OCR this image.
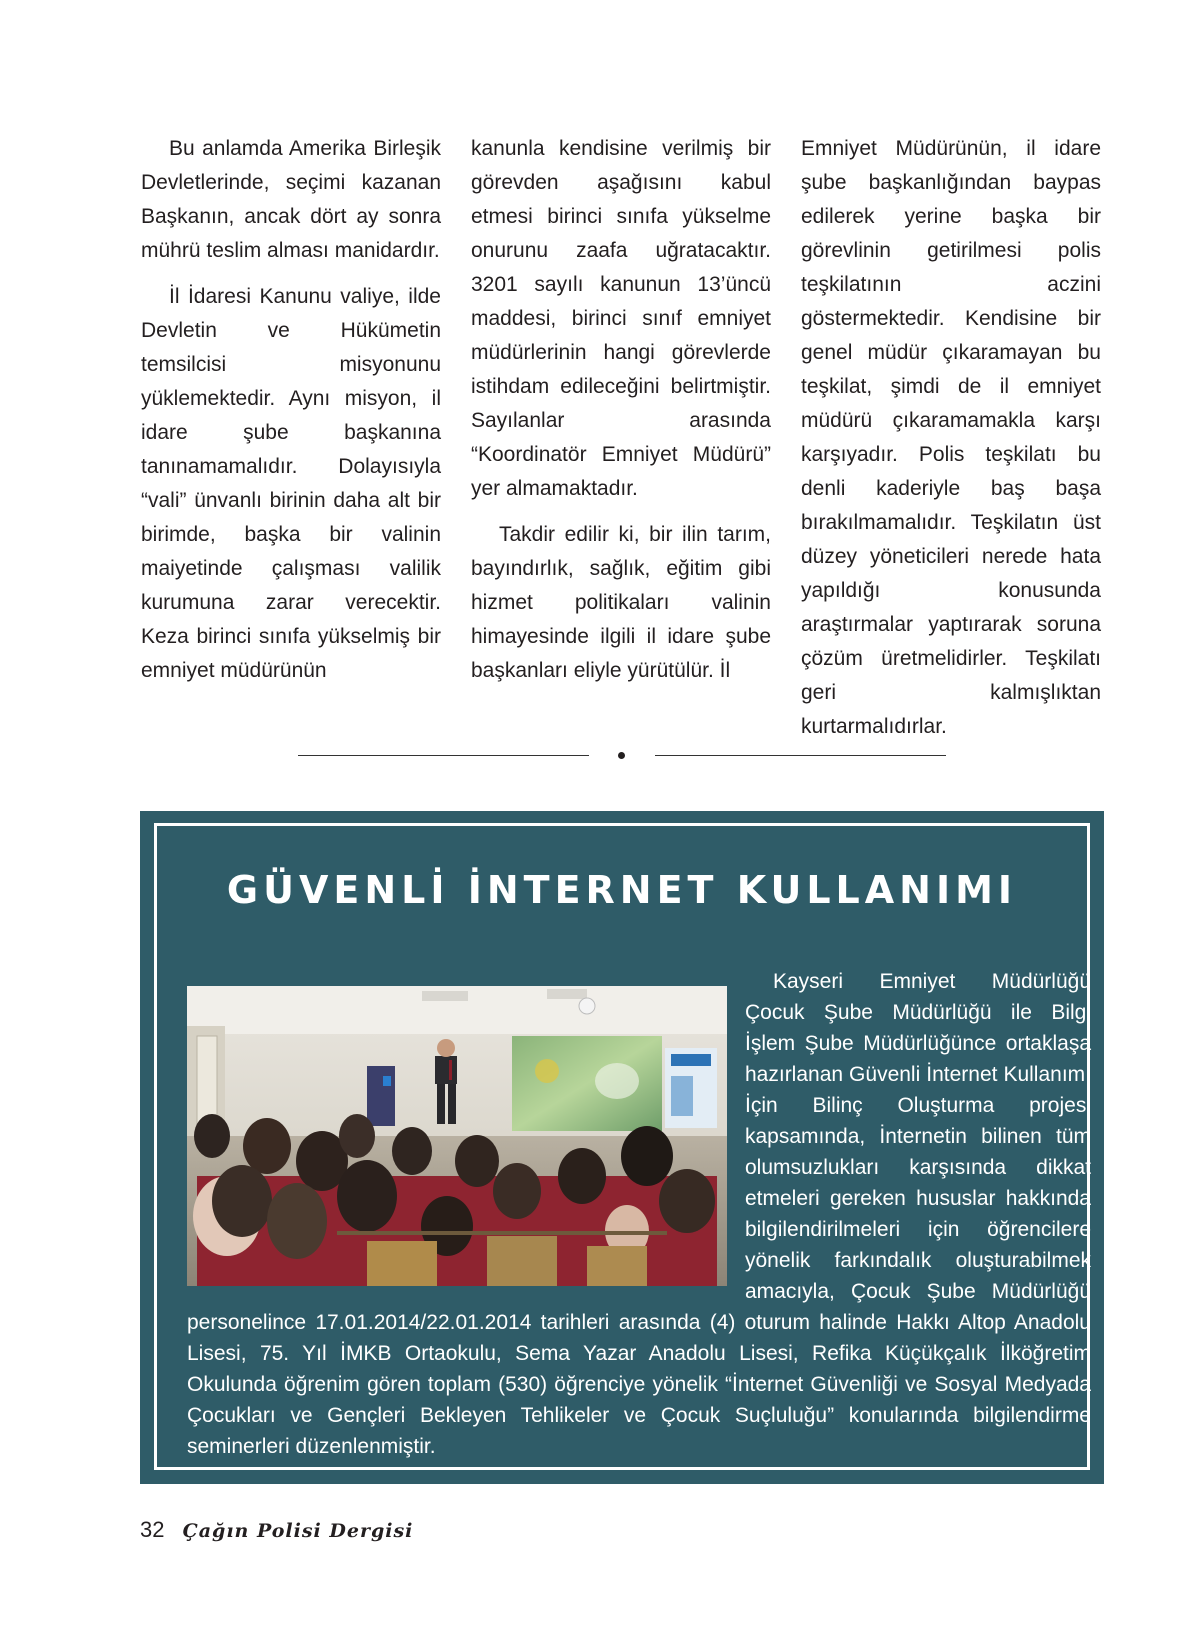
Bu anlamda Amerika Birleşik Devletlerinde, seçimi kazanan Başkanın, ancak dört ay sonra mührü teslim alması manidardır.

İl İdaresi Kanunu valiye, ilde Devletin ve Hükümetin temsilcisi misyonunu yüklemektedir. Aynı misyon, il idare şube başkanına tanınamamalıdır. Dolayısıyla “vali” ünvanlı birinin daha alt bir birimde, başka bir valinin maiyetinde çalışması valilik kurumuna zarar verecektir. Keza birinci sınıfa yükselmiş bir emniyet müdürünün

kanunla kendisine verilmiş bir görevden aşağısını kabul etmesi birinci sınıfa yükselme onurunu zaafa uğratacaktır. 3201 sayılı kanunun 13’üncü maddesi, birinci sınıf emniyet müdürlerinin hangi görevlerde istihdam edileceğini belirtmiştir. Sayılanlar arasında “Koordinatör Emniyet Müdürü” yer almamaktadır.

Takdir edilir ki, bir ilin tarım, bayındırlık, sağlık, eğitim gibi hizmet politikaları valinin himayesinde ilgili il idare şube başkanları eliyle yürütülür. İl

Emniyet Müdürünün, il idare şube başkanlığından baypas edilerek yerine başka bir görevlinin getirilmesi polis teşkilatının aczini göstermektedir. Kendisine bir genel müdür çıkaramayan bu teşkilat, şimdi de il emniyet müdürü çıkaramamakla karşı karşıyadır. Polis teşkilatı bu denli kaderiyle baş başa bırakılmamalıdır. Teşkilatın üst düzey yöneticileri nerede hata yapıldığı konusunda araştırmalar yaptırarak soruna çözüm üretmelidirler. Teşkilatı geri kalmışlıktan kurtarmalıdırlar.

GÜVENLİ İNTERNET KULLANIMI

Kayseri Emniyet Müdürlüğü Çocuk Şube Müdürlüğü ile Bilgi İşlem Şube Müdürlüğünce ortaklaşa hazırlanan Güvenli İnternet Kullanımı İçin Bilinç Oluşturma projesi kapsamında, İnternetin bilinen tüm olumsuzlukları karşısında dikkat etmeleri gereken hususlar hakkında bilgilendirilmeleri için öğrencilere yönelik farkındalık oluşturabilmek amacıyla, Çocuk Şube Müdürlüğü personelince 17.01.2014/22.01.2014 tarihleri arasında (4) oturum halinde Hakkı Altop Anadolu Lisesi, 75. Yıl İMKB Ortaokulu, Sema Yazar Anadolu Lisesi, Refika Küçükçalık İlköğretim Okulunda öğrenim gören toplam (530) öğrenciye yönelik “İnternet Güvenliği ve Sosyal Medyada Çocukları ve Gençleri Bekleyen Tehlikeler ve Çocuk Suçluluğu” konularında bilgilendirme seminerleri düzenlenmiştir.

32 Çağın Polisi Dergisi
